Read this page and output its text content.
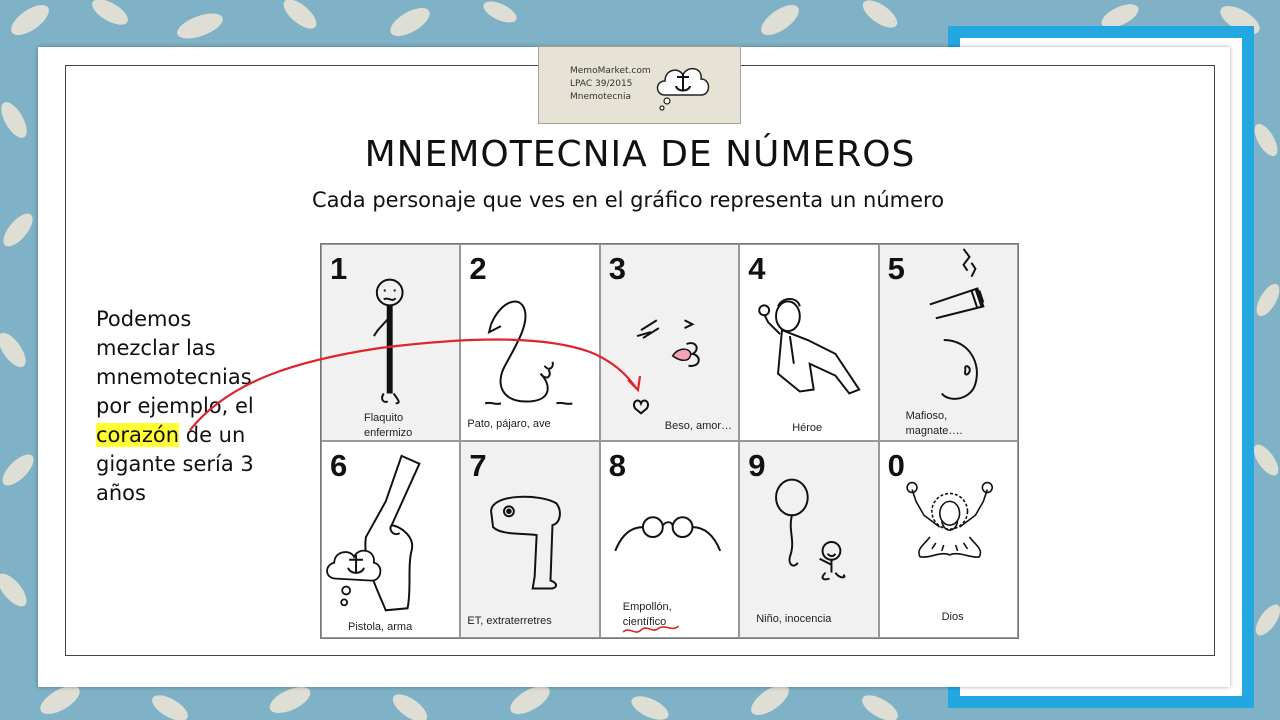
MemoMarket.com
LPAC 39/2015
Mnemotecnia
MNEMOTECNIA DE NÚMEROS
Cada personaje que ves en el gráfico representa un número
Podemos
mezclar las
mnemotecnias
por ejemplo, el
corazón de un
gigante sería 3
años
1
Flaquito
enfermizo
2
Pato, pájaro, ave
3
Beso, amor…
4
Héroe
5
Mafioso,
magnate….
6
Pistola, arma
7
ET, extraterretres
8
Empollón,
científico
9
Niño, inocencia
0
Dios
